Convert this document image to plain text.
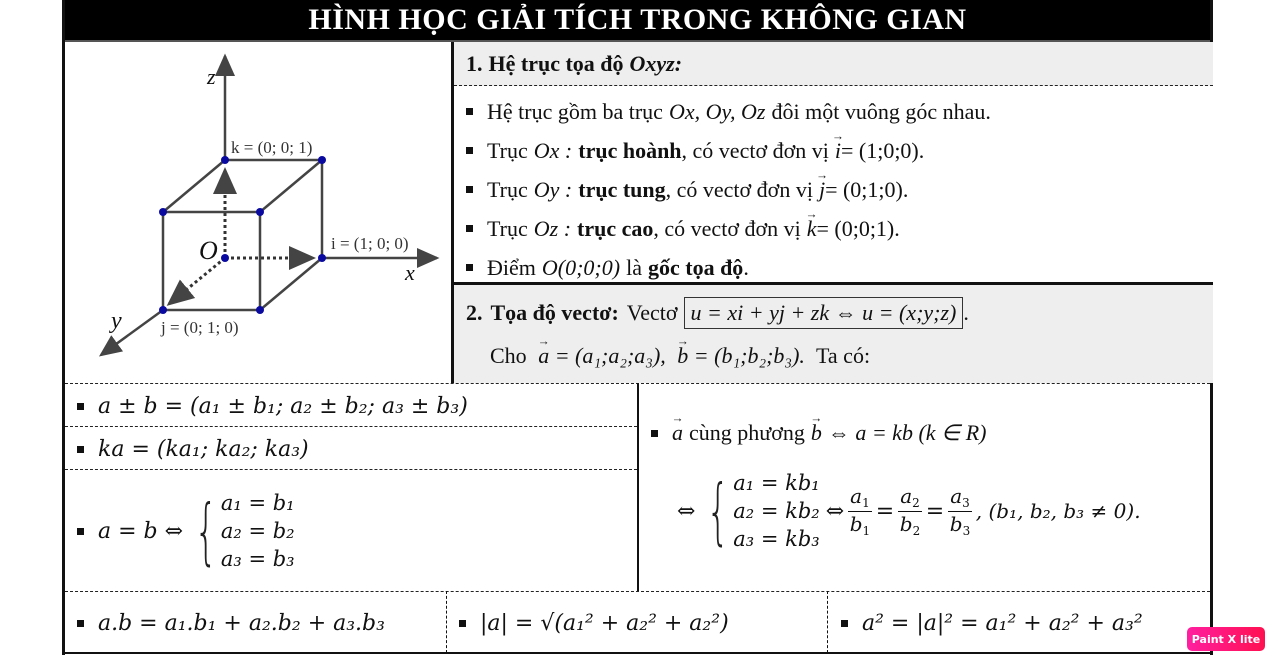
HÌNH HỌC GIẢI TÍCH TRONG KHÔNG GIAN
z
x
y
O
k = (0; 0; 1)
i = (1; 0; 0)
j = (0; 1; 0)
1. Hệ trục tọa độ Oxyz:
Hệ trục gồm ba trục Ox, Oy, Oz đôi một vuông góc nhau.
Trục Ox : trục hoành , có vectơ đơn vị → i = (1;0;0).
Trục Oy : trục tung , có vectơ đơn vị → j = (0;1;0).
Trục Oz : trục cao , có vectơ đơn vị → k = (0;0;1).
Điểm O(0;0;0) là gốc tọa độ .
2. Tọa độ vectơ: Vectơ u = xi + yj + zk ⇔ u = (x;y;z) .
Cho → a = (a₁;a₂;a₃), → b = (b₁;b₂;b₃). Ta có:
a ± b = (a₁ ± b₁; a₂ ± b₂; a₃ ± b₃)
ka = (ka₁; ka₂; ka₃)
a = b ⇔ { a₁ = b₁
a₂ = b₂
a₃ = b₃
→ a cùng phương → b ⇔ a = kb (k ∈ R)
⇔ { a₁ = kb₁
a₂ = kb₂
a₃ = kb₃
⇔ $\frac{a_1}{b_1} = \frac{a_2}{b_2} = \frac{a_3}{b_3}$ , (b₁, b₂, b₃ ≠ 0).
a.b = a₁.b₁ + a₂.b₂ + a₃.b₃	|a| = √(a₁² + a₂² + a₂²)	a² = |a|² = a₁² + a₂² + a₃²
Paint X lite
